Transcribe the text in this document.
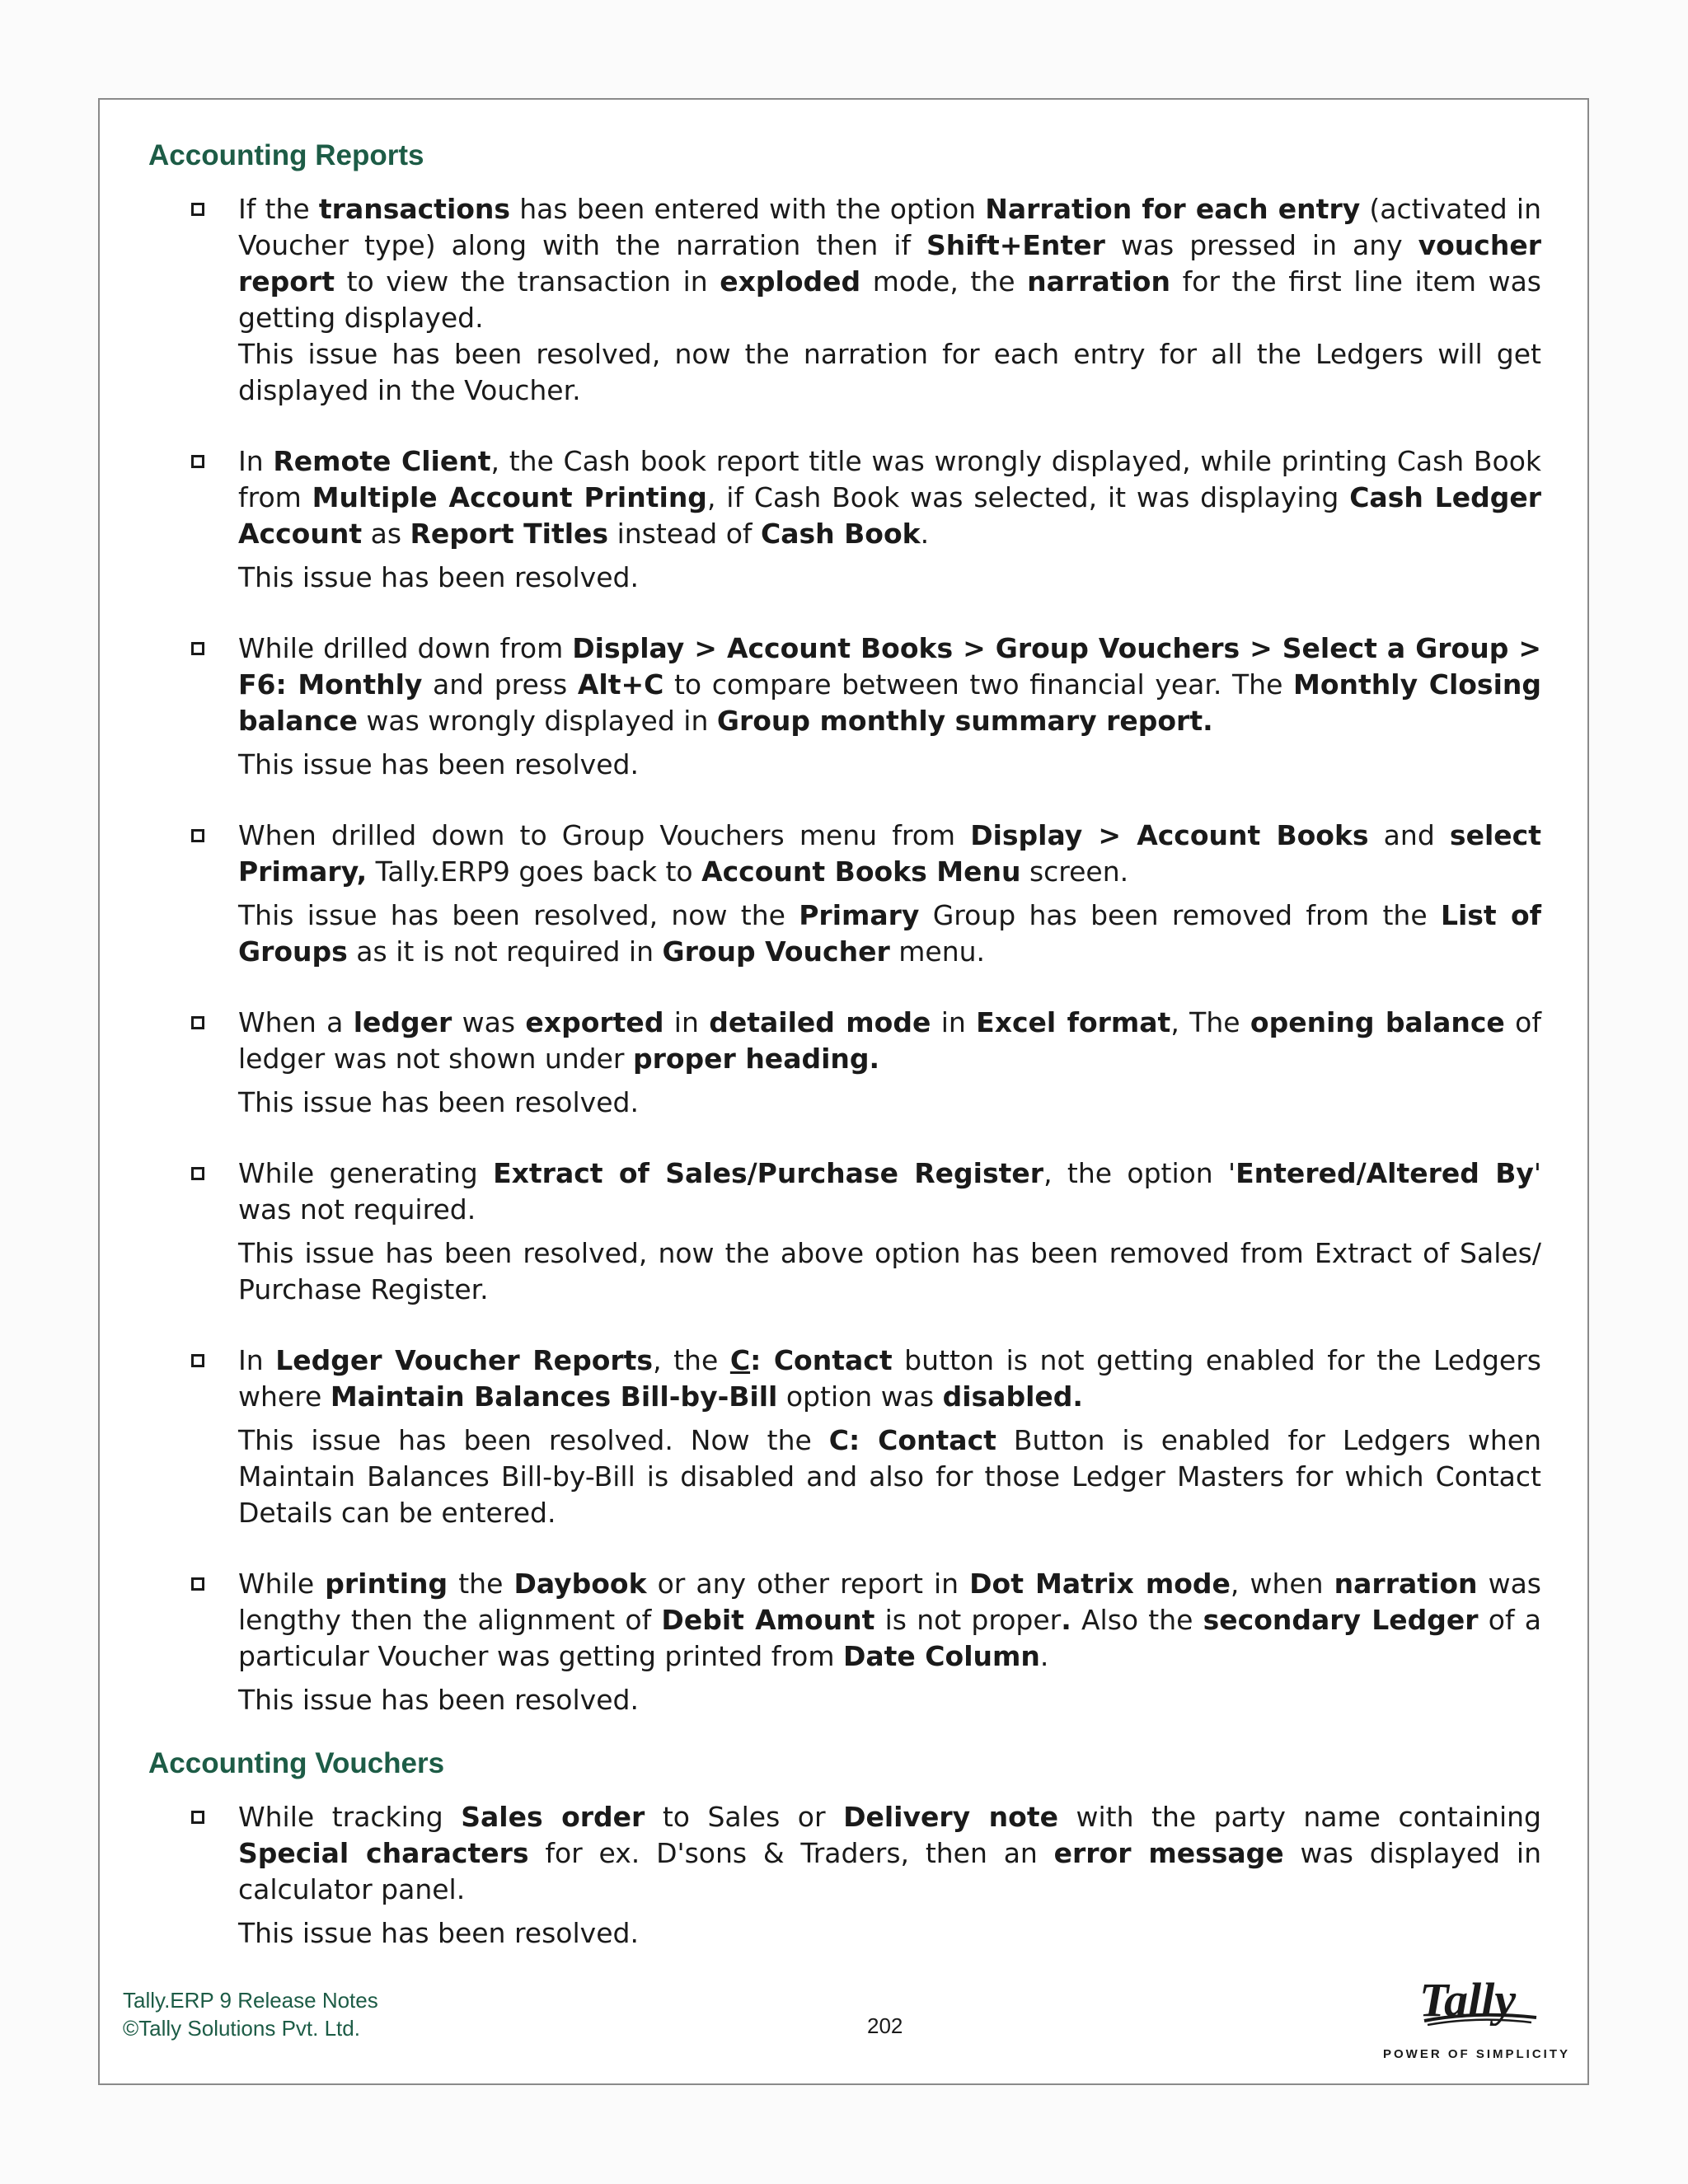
Accounting Reports

If the transactions has been entered with the option Narration for each entry (activated in Voucher type) along with the narration then if Shift+Enter was pressed in any voucher report to view the transaction in exploded mode, the narration for the first line item was getting displayed.

This issue has been resolved, now the narration for each entry for all the Ledgers will get displayed in the Voucher.

In Remote Client, the Cash book report title was wrongly displayed, while printing Cash Book from Multiple Account Printing, if Cash Book was selected, it was displaying Cash Ledger Account as Report Titles instead of Cash Book.

This issue has been resolved.

While drilled down from Display > Account Books > Group Vouchers > Select a Group > F6: Monthly and press Alt+C to compare between two financial year. The Monthly Closing balance was wrongly displayed in Group monthly summary report.

This issue has been resolved.

When drilled down to Group Vouchers menu from Display > Account Books and select Primary, Tally.ERP9 goes back to Account Books Menu screen.

This issue has been resolved, now the Primary Group has been removed from the List of Groups as it is not required in Group Voucher menu.

When a ledger was exported in detailed mode in Excel format, The opening balance of ledger was not shown under proper heading.

This issue has been resolved.

While generating Extract of Sales/Purchase Register, the option 'Entered/Altered By' was not required.

This issue has been resolved, now the above option has been removed from Extract of Sales/ Purchase Register.

In Ledger Voucher Reports, the C: Contact button is not getting enabled for the Ledgers where Maintain Balances Bill-by-Bill option was disabled.

This issue has been resolved. Now the C: Contact Button is enabled for Ledgers when Maintain Balances Bill-by-Bill is disabled and also for those Ledger Masters for which Contact Details can be entered.

While printing the Daybook or any other report in Dot Matrix mode, when narration was lengthy then the alignment of Debit Amount is not proper. Also the secondary Ledger of a particular Voucher was getting printed from Date Column.

This issue has been resolved.

Accounting Vouchers

While tracking Sales order to Sales or Delivery note with the party name containing Special characters for ex. D'sons & Traders, then an error message was displayed in calculator panel.

This issue has been resolved.

Tally.ERP 9 Release Notes
©Tally Solutions Pvt. Ltd.	202	Tally
POWER OF SIMPLICITY
